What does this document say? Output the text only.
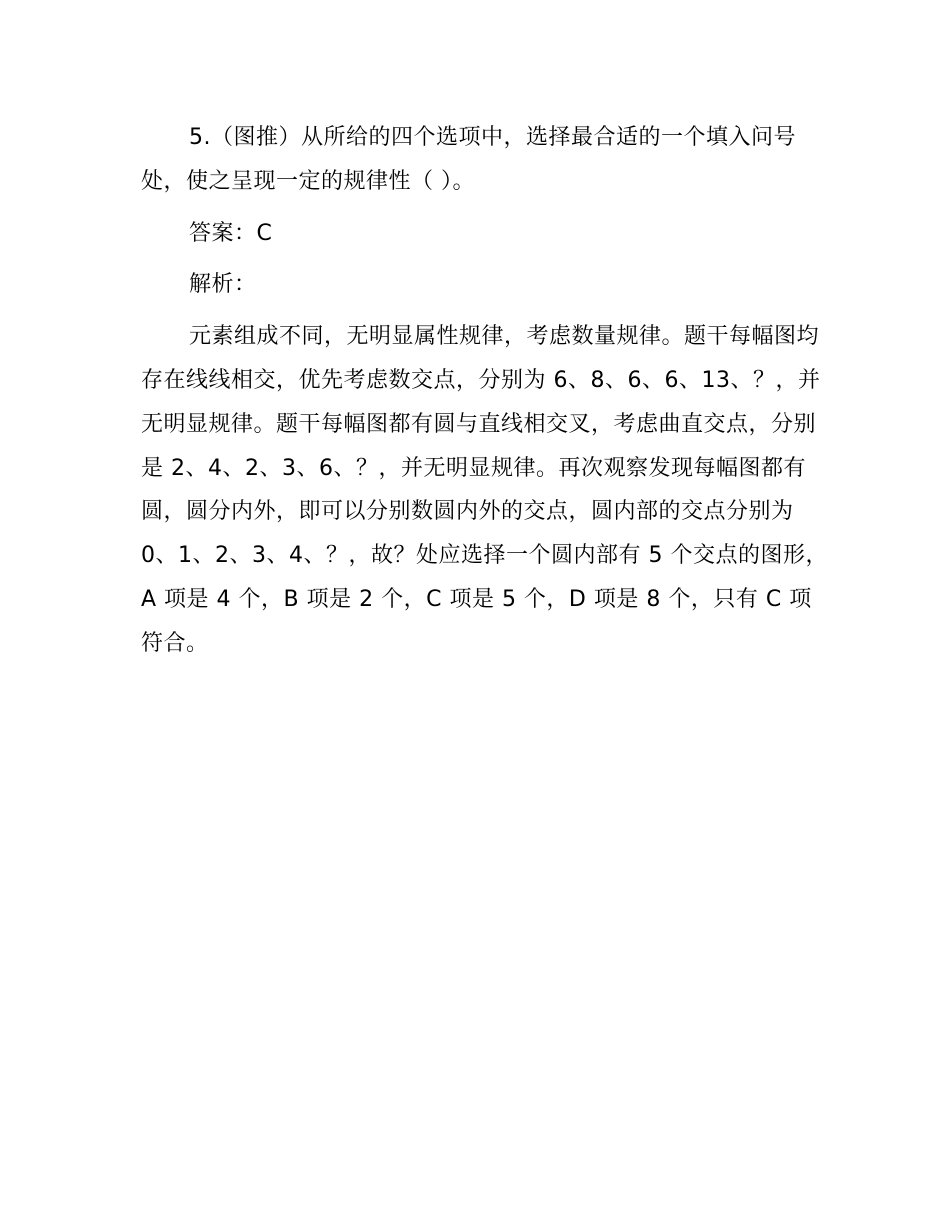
5.（图推）从所给的四个选项中，选择最合适的一个填入问号处，使之呈现一定的规律性（ ）。

答案：C

解析：

元素组成不同，无明显属性规律，考虑数量规律。题干每幅图均存在线线相交，优先考虑数交点，分别为 6、8、6、6、13、？，并无明显规律。题干每幅图都有圆与直线相交叉，考虑曲直交点，分别是 2、4、2、3、6、？，并无明显规律。再次观察发现每幅图都有圆，圆分内外，即可以分别数圆内外的交点，圆内部的交点分别为 0、1、2、3、4、？，故？处应选择一个圆内部有 5 个交点的图形，A 项是 4 个，B 项是 2 个，C 项是 5 个，D 项是 8 个，只有 C 项符合。
